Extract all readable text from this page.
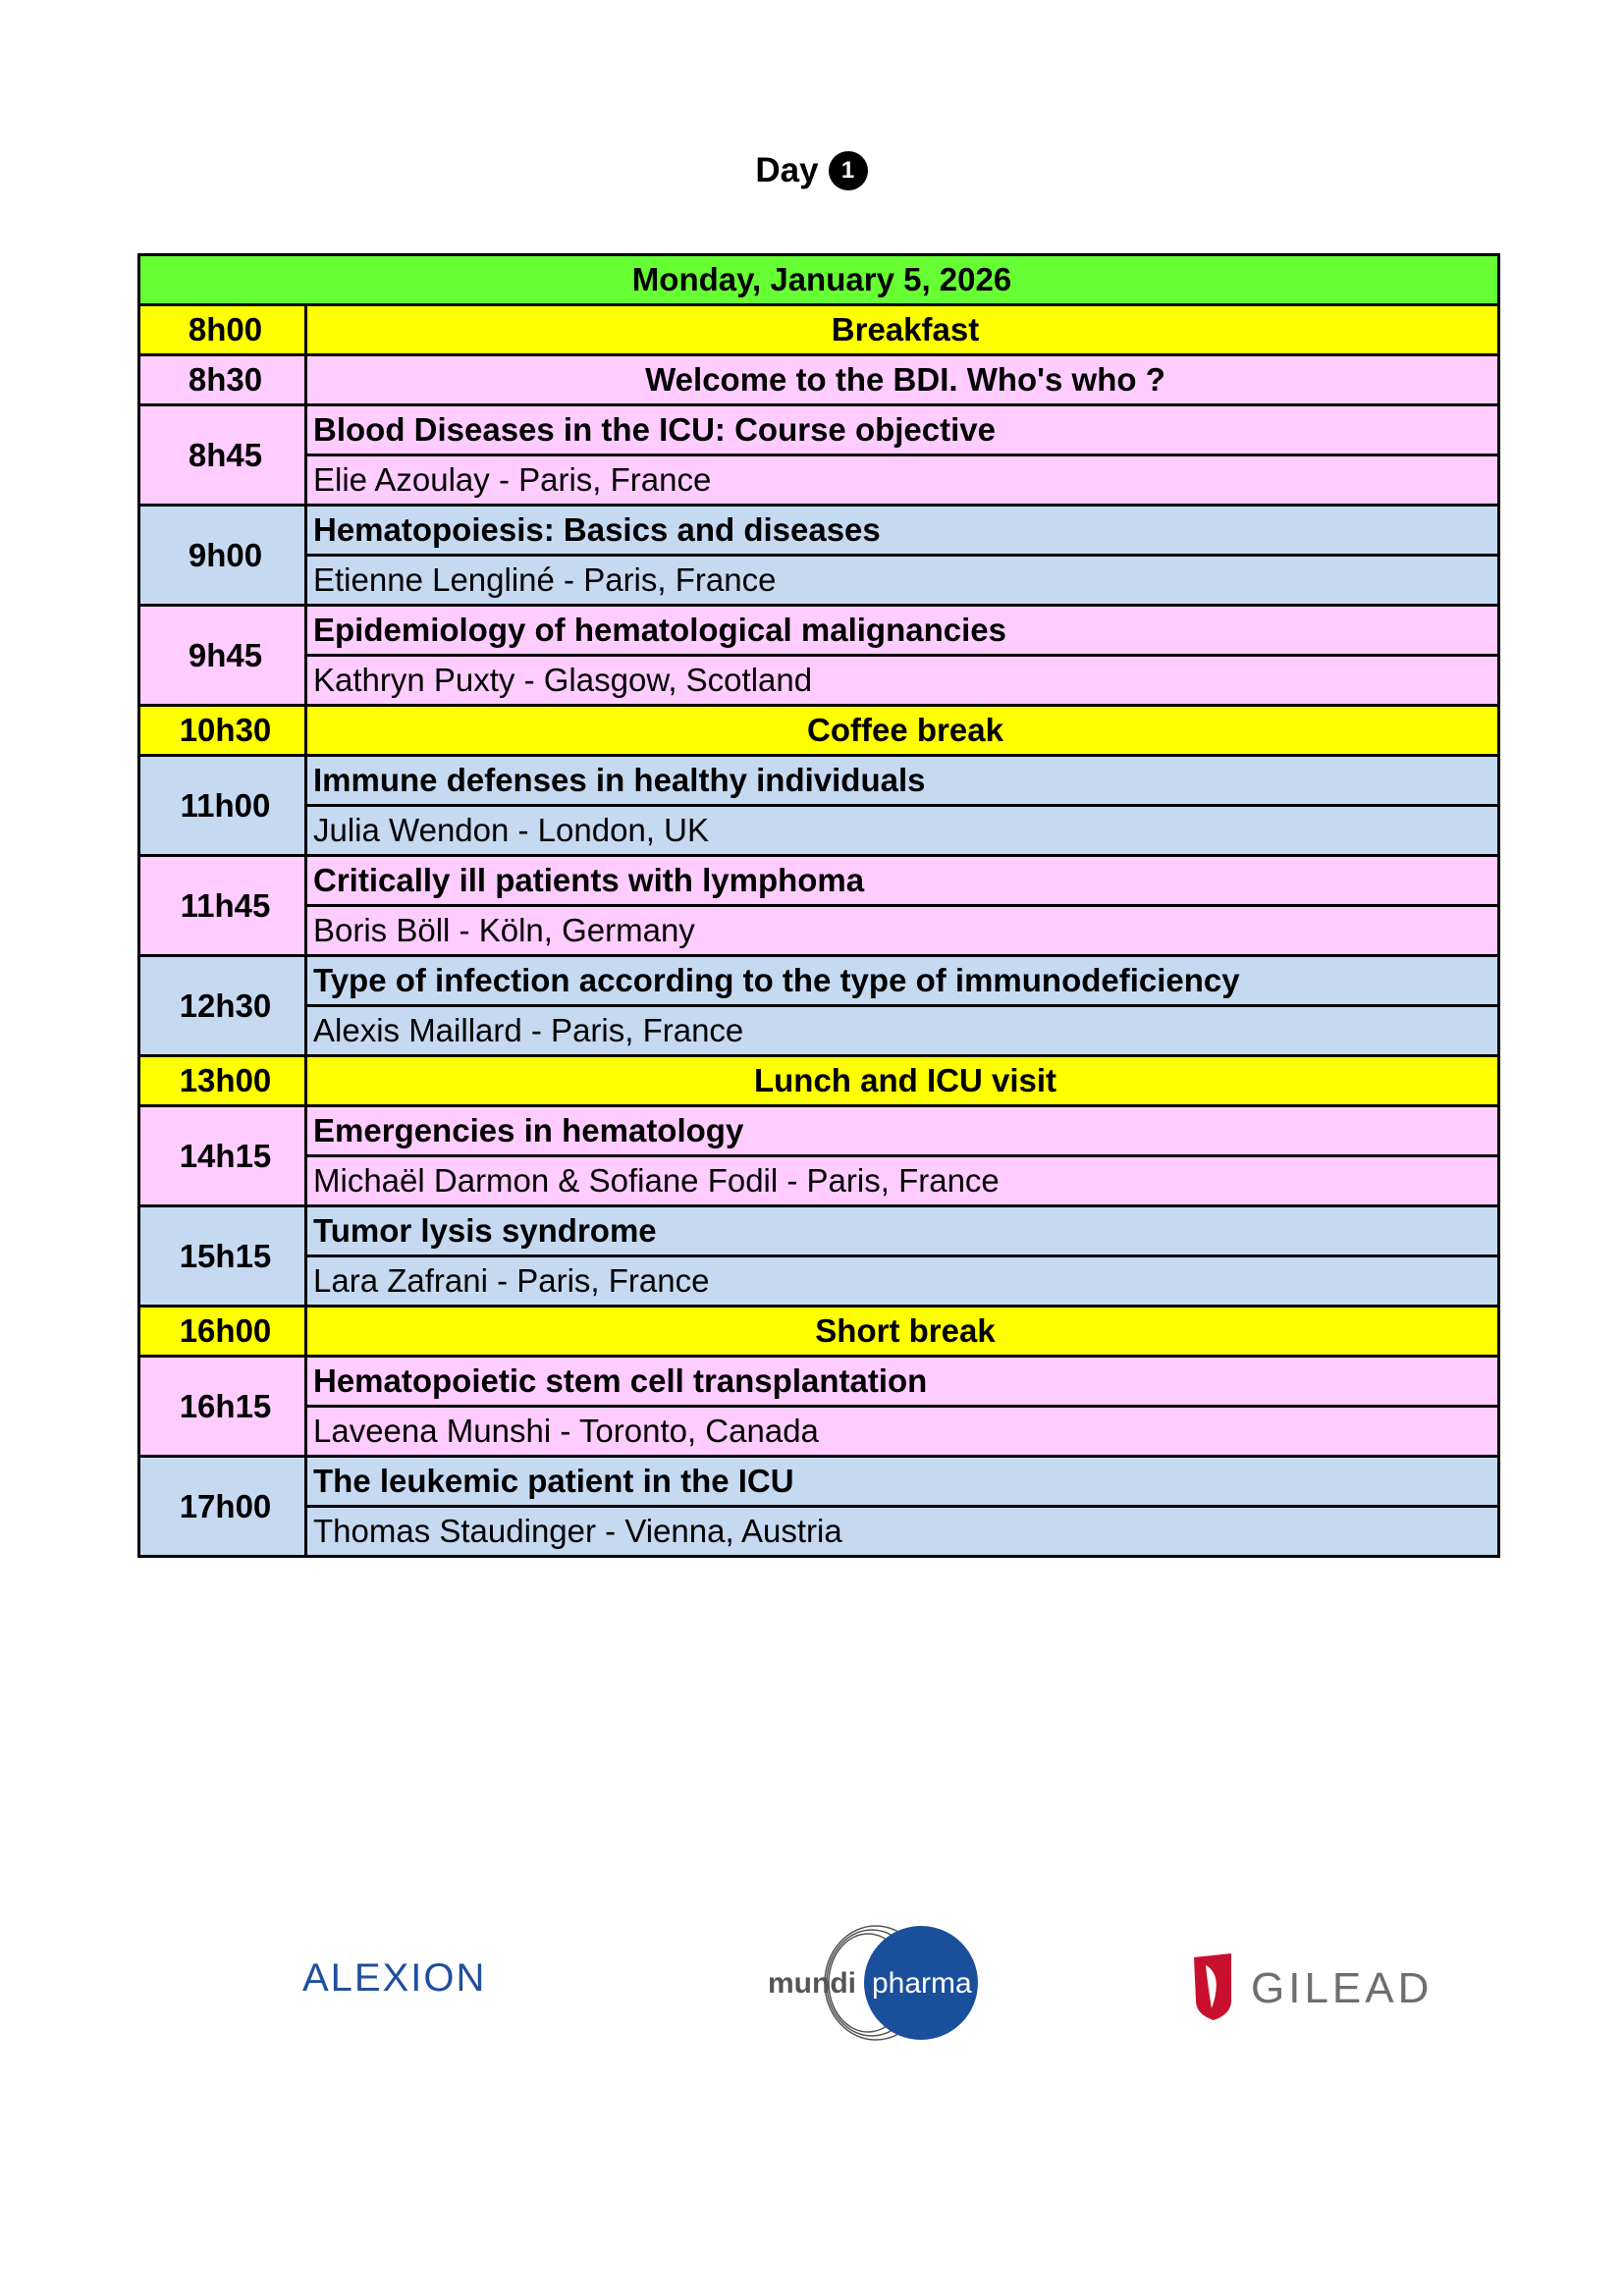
Day 1
Monday, January 5, 2026	
8h00	Breakfast
8h30	Welcome to the BDI. Who's who ?
8h45	Blood Diseases in the ICU: Course objective
	Elie Azoulay - Paris, France
9h00	Hematopoiesis: Basics and diseases
	Etienne Lengliné - Paris, France
9h45	Epidemiology of hematological malignancies
	Kathryn Puxty - Glasgow, Scotland
10h30	Coffee break
11h00	Immune defenses in healthy individuals
	Julia Wendon - London, UK
11h45	Critically ill patients with lymphoma
	Boris Böll - Köln, Germany
12h30	Type of infection according to the type of immunodeficiency
	Alexis Maillard - Paris, France
13h00	Lunch and ICU visit
14h15	Emergencies in hematology
	Michaël Darmon & Sofiane Fodil - Paris, France
15h15	Tumor lysis syndrome
	Lara Zafrani - Paris, France
16h00	Short break
16h15	Hematopoietic stem cell transplantation
	Laveena Munshi - Toronto, Canada
17h00	The leukemic patient in the ICU
	Thomas Staudinger - Vienna, Austria
ALEXION	mundi pharma	GILEAD
